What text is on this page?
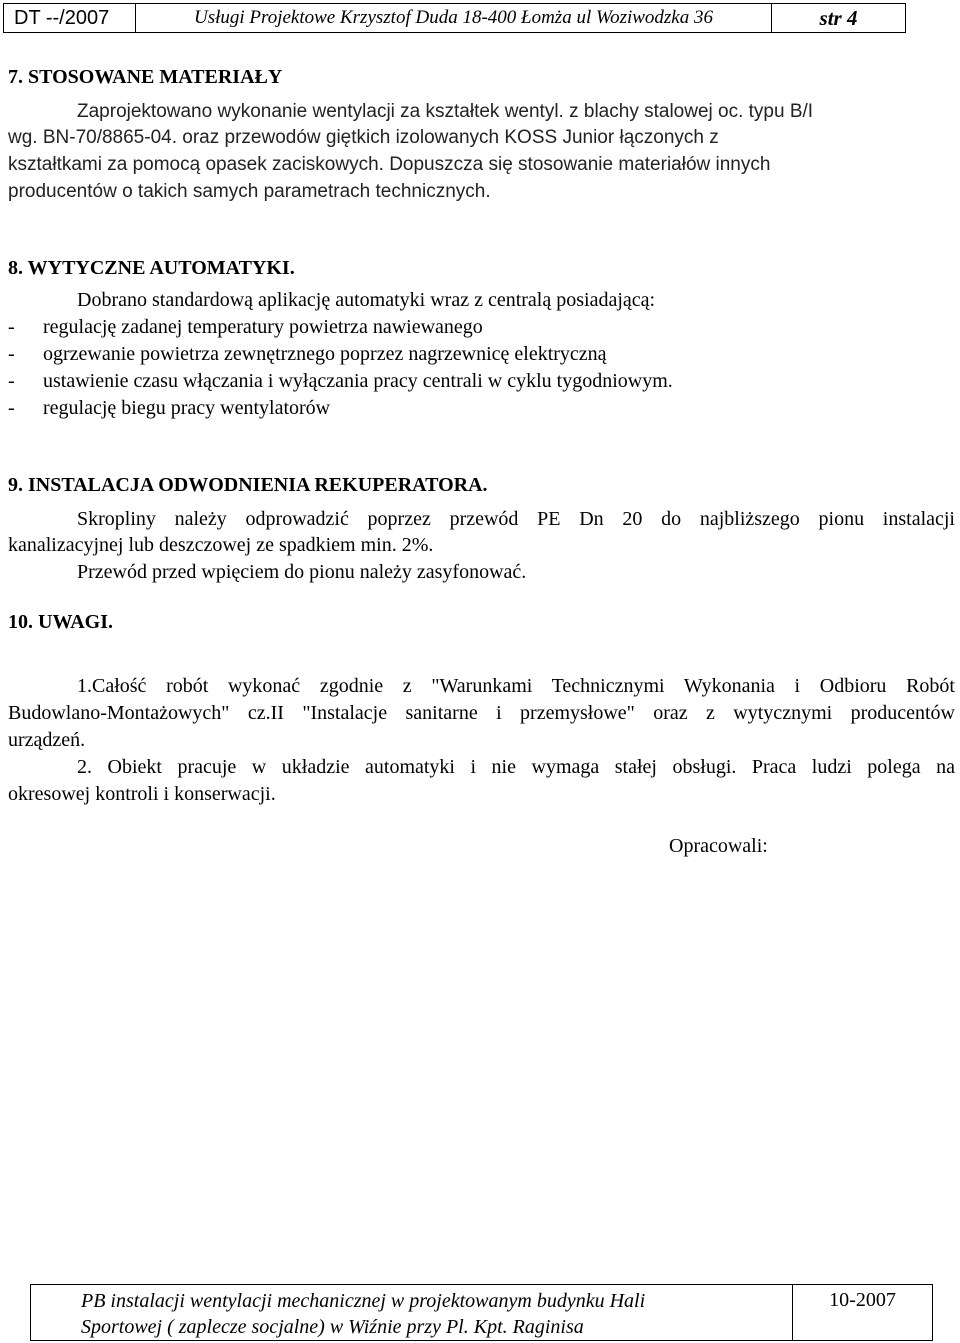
DT --/2007	Usługi Projektowe Krzysztof Duda 18-400 Łomża ul Woziwodzka 36	str 4
7. STOSOWANE MATERIAŁY
Zaprojektowano wykonanie wentylacji za kształtek wentyl. z blachy stalowej oc. typu B/I
wg. BN-70/8865-04. oraz przewodów giętkich izolowanych KOSS Junior łączonych z
kształtkami za pomocą opasek zaciskowych. Dopuszcza się stosowanie materiałów innych
producentów o takich samych parametrach technicznych.
8. WYTYCZNE AUTOMATYKI.
Dobrano standardową aplikację automatyki wraz z centralą posiadającą:
- regulację zadanej temperatury powietrza nawiewanego
- ogrzewanie powietrza zewnętrznego poprzez nagrzewnicę elektryczną
- ustawienie czasu włączania i wyłączania pracy centrali w cyklu tygodniowym.
- regulację biegu pracy wentylatorów
9. INSTALACJA ODWODNIENIA REKUPERATORA.
Skropliny należy odprowadzić poprzez przewód PE Dn 20 do najbliższego pionu instalacji
kanalizacyjnej lub deszczowej ze spadkiem min. 2%.
Przewód przed wpięciem do pionu należy zasyfonować.
10. UWAGI.
1.Całość robót wykonać zgodnie z "Warunkami Technicznymi Wykonania i Odbioru Robót
Budowlano-Montażowych" cz.II "Instalacje sanitarne i przemysłowe" oraz z wytycznymi producentów
urządzeń.
2. Obiekt pracuje w układzie automatyki i nie wymaga stałej obsługi. Praca ludzi polega na
okresowej kontroli i konserwacji.
Opracowali:
PB instalacji wentylacji mechanicznej w projektowanym budynku Hali
Sportowej ( zaplecze socjalne) w Wiźnie przy Pl. Kpt. Raginisa
10-2007
